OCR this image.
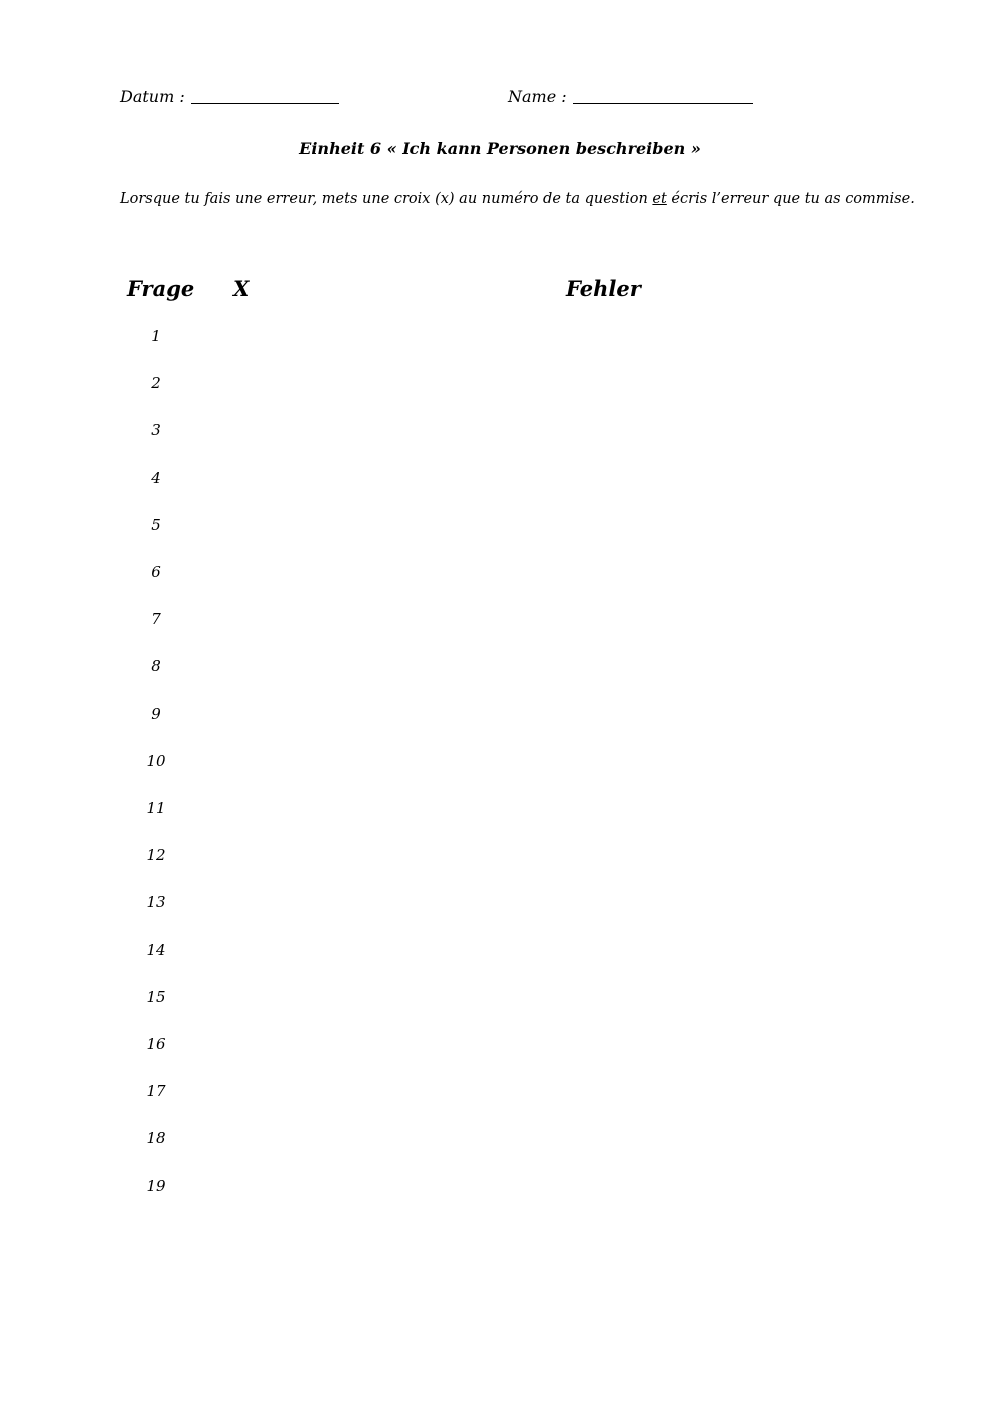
Datum :	Name :
Einheit 6 « Ich kann Personen beschreiben »
Lorsque tu fais une erreur, mets une croix (x) au numéro de ta question et écris l’erreur que tu as commise.
Frage X	Fehler
1
2
3
4
5
6
7
8
9
10
11
12
13
14
15
16
17
18
19
